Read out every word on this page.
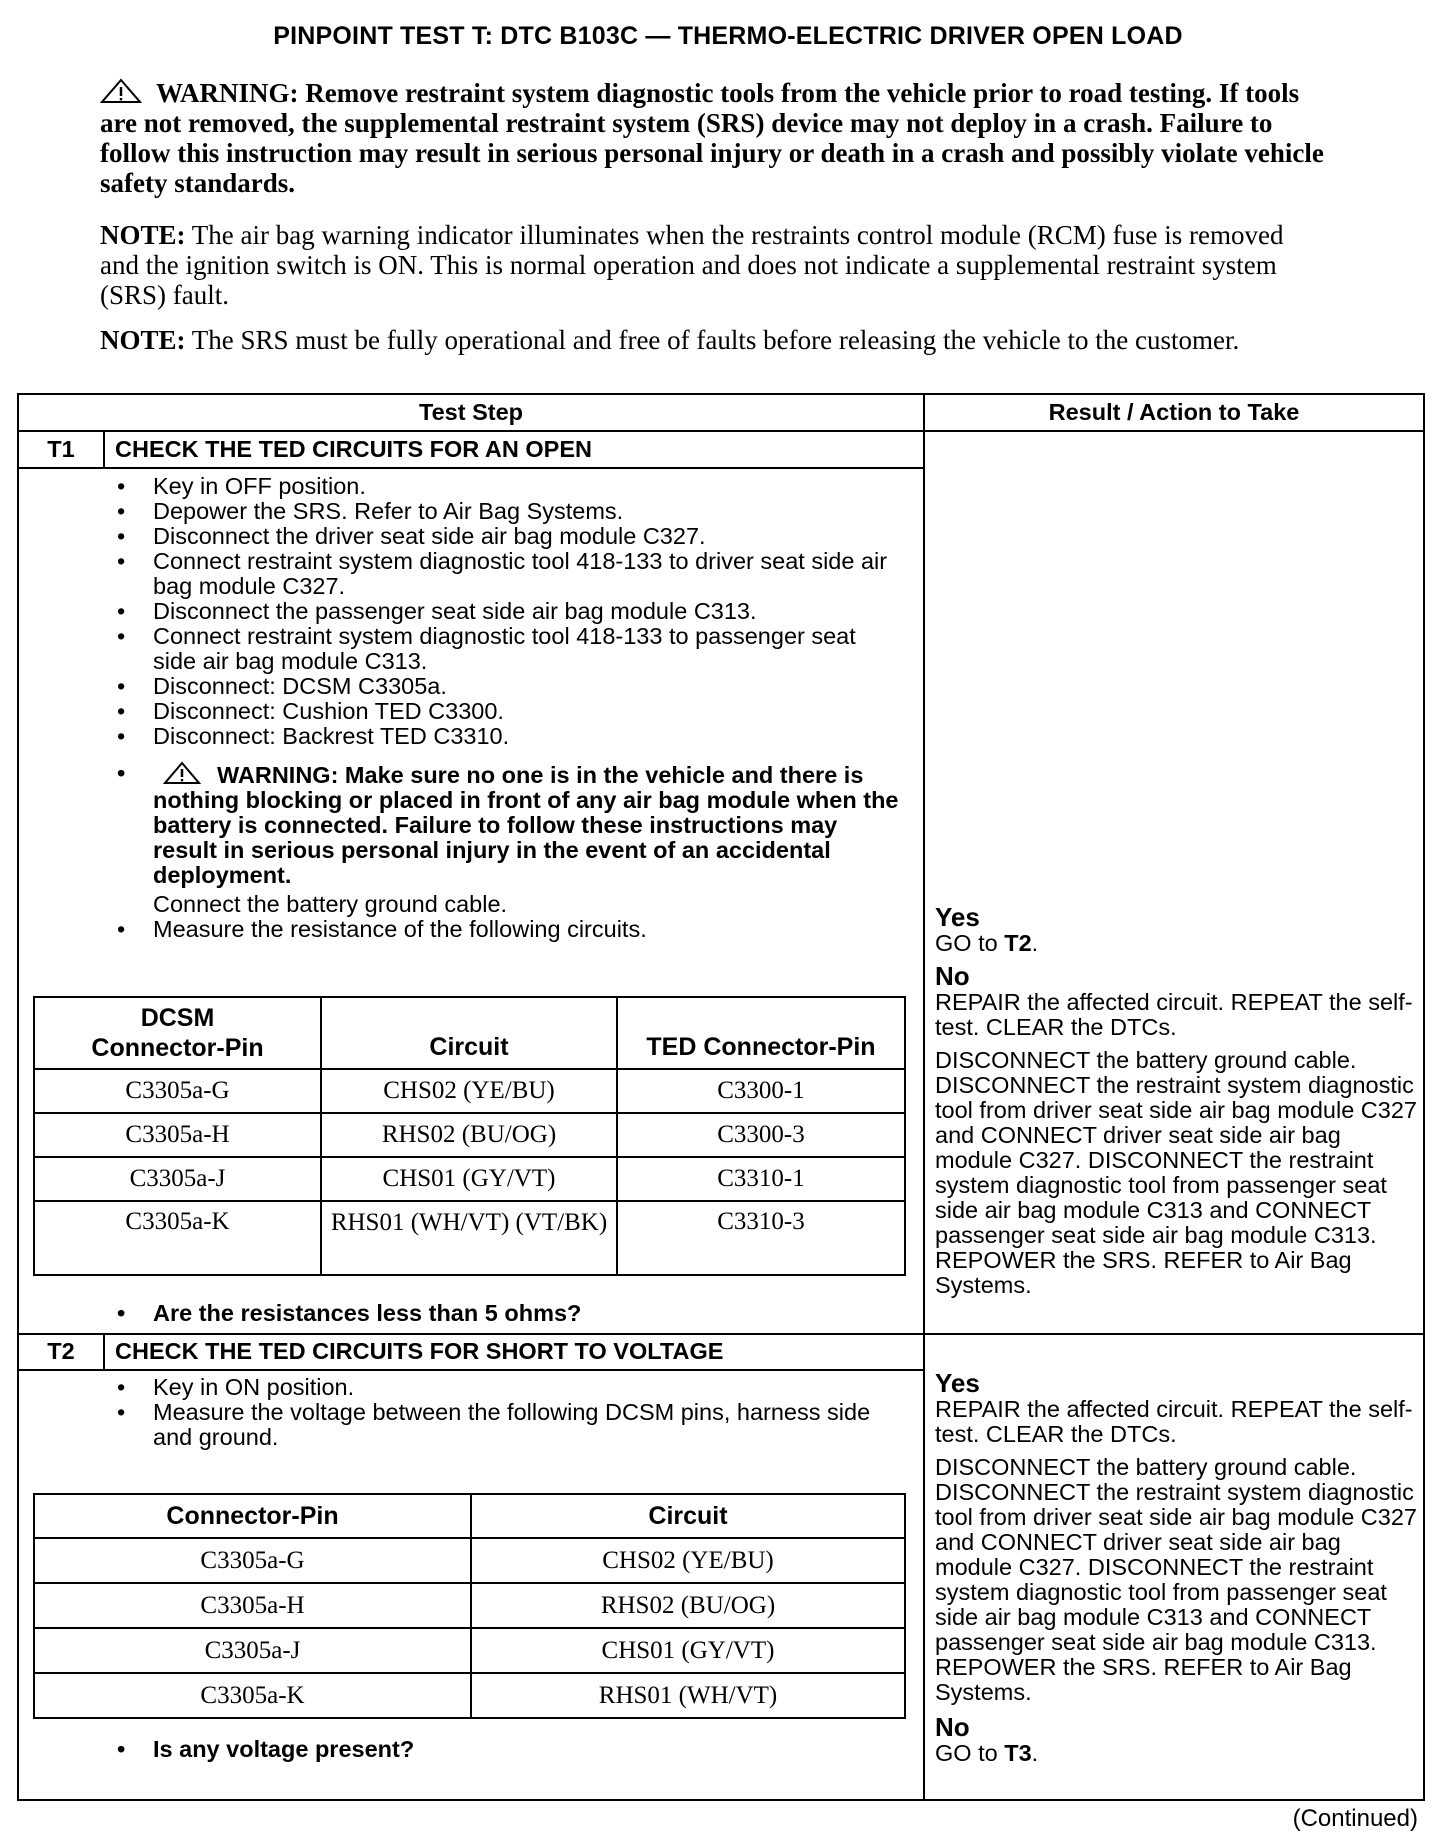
PINPOINT TEST T: DTC B103C — THERMO-ELECTRIC DRIVER OPEN LOAD
WARNING: Remove restraint system diagnostic tools from the vehicle prior to road testing. If tools are not removed, the supplemental restraint system (SRS) device may not deploy in a crash. Failure to follow this instruction may result in serious personal injury or death in a crash and possibly violate vehicle safety standards.
NOTE: The air bag warning indicator illuminates when the restraints control module (RCM) fuse is removed and the ignition switch is ON. This is normal operation and does not indicate a supplemental restraint system (SRS) fault.
NOTE: The SRS must be fully operational and free of faults before releasing the vehicle to the customer.
Test Step	Result / Action to Take
T1	CHECK THE TED CIRCUITS FOR AN OPEN
• Key in OFF position.
• Depower the SRS. Refer to Air Bag Systems.
• Disconnect the driver seat side air bag module C327.
• Connect restraint system diagnostic tool 418-133 to driver seat side air bag module C327.
• Disconnect the passenger seat side air bag module C313.
• Connect restraint system diagnostic tool 418-133 to passenger seat side air bag module C313.
• Disconnect: DCSM C3305a.
• Disconnect: Cushion TED C3300.
• Disconnect: Backrest TED C3310.
• WARNING: Make sure no one is in the vehicle and there is nothing blocking or placed in front of any air bag module when the battery is connected. Failure to follow these instructions may result in serious personal injury in the event of an accidental deployment.
Connect the battery ground cable.
• Measure the resistance of the following circuits.
DCSM
Connector-Pin	Circuit	TED Connector-Pin
C3305a-G	CHS02 (YE/BU)	C3300-1
C3305a-H	RHS02 (BU/OG)	C3300-3
C3305a-J	CHS01 (GY/VT)	C3310-1
C3305a-K	RHS01 (WH/VT) (VT/BK)	C3310-3
• Are the resistances less than 5 ohms?
Yes

GO to T2.

No

REPAIR the affected circuit. REPEAT the self-test. CLEAR the DTCs.

DISCONNECT the battery ground cable. DISCONNECT the restraint system diagnostic tool from driver seat side air bag module C327 and CONNECT driver seat side air bag module C327. DISCONNECT the restraint system diagnostic tool from passenger seat side air bag module C313 and CONNECT passenger seat side air bag module C313. REPOWER the SRS. REFER to Air Bag Systems.

T2	CHECK THE TED CIRCUITS FOR SHORT TO VOLTAGE
• Key in ON position.
• Measure the voltage between the following DCSM pins, harness side and ground.
Connector-Pin	Circuit
C3305a-G	CHS02 (YE/BU)
C3305a-H	RHS02 (BU/OG)
C3305a-J	CHS01 (GY/VT)
C3305a-K	RHS01 (WH/VT)
• Is any voltage present?
Yes

REPAIR the affected circuit. REPEAT the self-test. CLEAR the DTCs.

DISCONNECT the battery ground cable. DISCONNECT the restraint system diagnostic tool from driver seat side air bag module C327 and CONNECT driver seat side air bag module C327. DISCONNECT the restraint system diagnostic tool from passenger seat side air bag module C313 and CONNECT passenger seat side air bag module C313. REPOWER the SRS. REFER to Air Bag Systems.

No

GO to T3.

(Continued)
